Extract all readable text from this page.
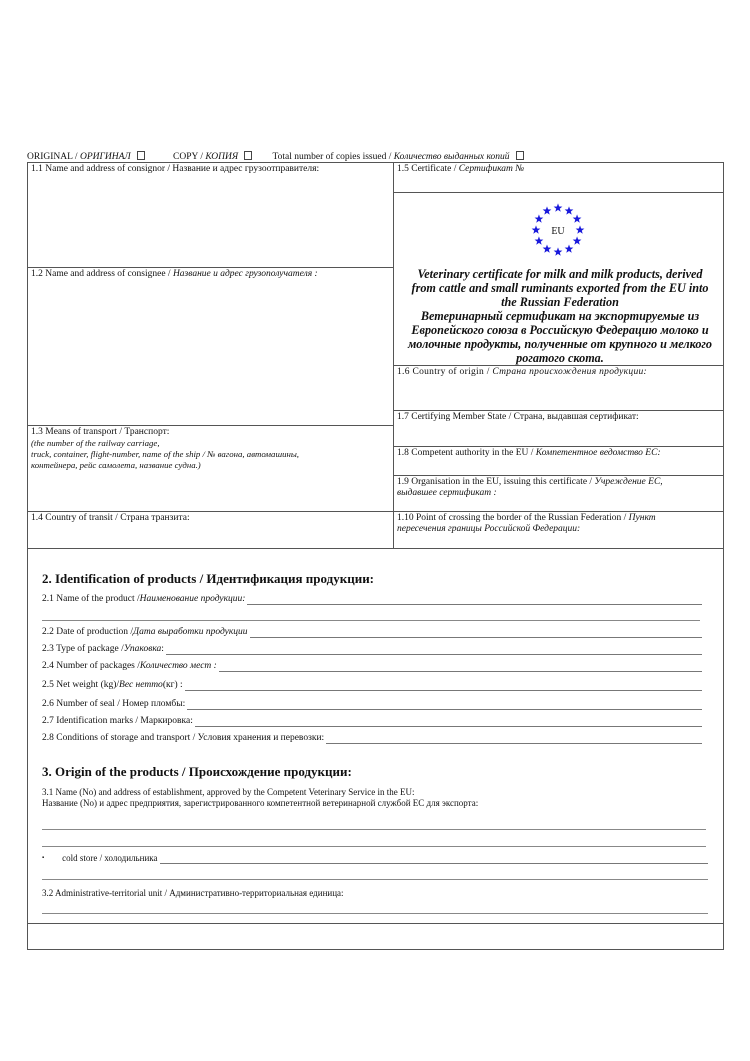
ORIGINAL / ОРИГИНАЛ	COPY / КОПИЯ	Total number of copies issued / Количество выданных копий
1.1 Name and address of consignor / Название и адрес грузоотправителя:
1.2 Name and address of consignee / Название и адрес грузополучателя :
1.3 Means of transport / Транспорт:
(the number of the railway carriage,
truck, container, flight-number, name of the ship / № вагона, автомашины,
контейнера, рейс самолета, название судна.)
1.4 Country of transit / Страна транзита:
1.5 Certificate / Сертификат №
EU
Veterinary certificate for milk and milk products, derived
from cattle and small ruminants exported from the EU into
the Russian Federation
Ветеринарный сертификат на экспортируемые из
Европейского союза в Российскую Федерацию молоко и
молочные продукты, полученные от крупного и мелкого
рогатого скота.
1.6 Country of origin / Страна происхождения продукции:
1.7 Certifying Member State / Страна, выдавшая сертификат:
1.8 Competent authority in the EU / Компетентное ведомство ЕС:
1.9 Organisation in the EU, issuing this certificate / Учреждение ЕС,
выдавшее сертификат :
1.10 Point of crossing the border of the Russian Federation / Пункт
пересечения границы Российской Федерации:
2. Identification of products / Идентификация продукции:
2.1 Name of the product / Наименование продукции:
2.2 Date of production / Дата выработки продукции
2.3 Type of package / Упаковка :
2.4 Number of packages / Количество мест :
2.5 Net weight (kg)/ Вес нетто (кг) :
2.6 Number of seal / Номер пломбы:
2.7 Identification marks / Маркировка:
2.8 Conditions of storage and transport / Условия хранения и перевозки:
3. Origin of the products / Происхождение продукции:
3.1 Name (No) and address of establishment, approved by the Competent Veterinary Service in the EU:
Название (No) и адрес предприятия, зарегистрированного компетентной ветеринарной службой ЕС для экспорта:
▪ cold store / холодильника
3.2 Administrative-territorial unit / Административно-территориальная единица:
